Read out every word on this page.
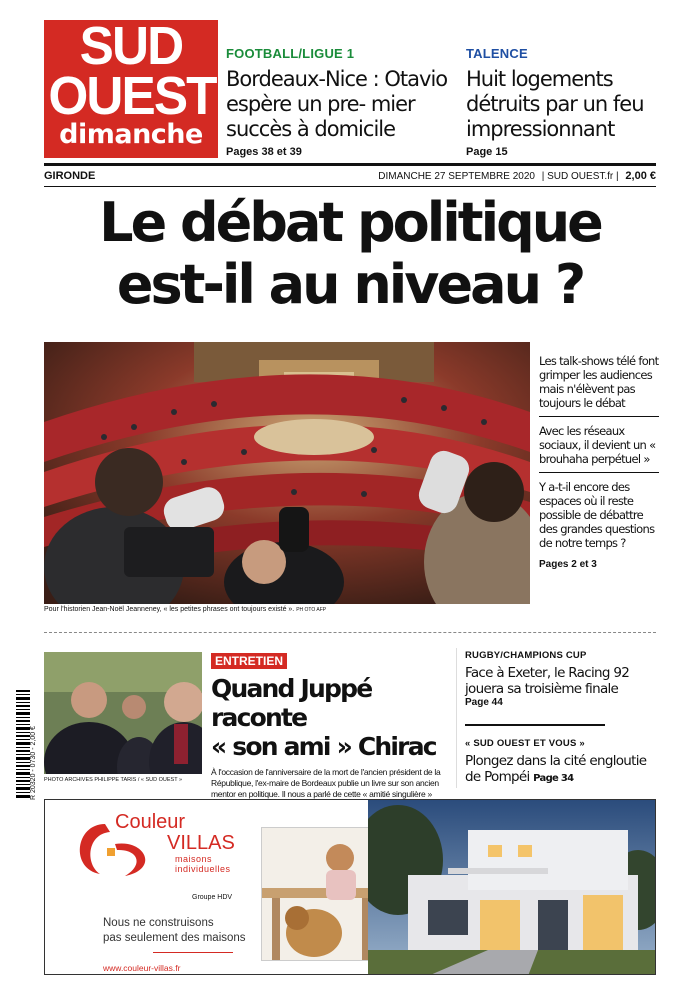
SUD
OUEST
dimanche
FOOTBALL/LIGUE 1
Bordeaux-Nice : Otavio espère un pre- mier succès à domicile
Pages 38 et 39
TALENCE
Huit logements détruits par un feu impressionnant
Page 15
GIRONDE	DIMANCHE 27 SEPTEMBRE 2020 | SUD OUEST.fr | 2,00 €
Le débat politique
est-il au niveau ?
Pour l'historien Jean-Noël Jeanneney, « les petites phrases ont toujours existé ». PH OTO AFP
Les talk-shows télé font grimper les audiences mais n'élèvent pas toujours le débat
Avec les réseaux sociaux, il devient un « brouhaha perpétuel »
Y a-t-il encore des espaces où il reste possible de débattre des grandes questions de notre temps ?
Pages 2 et 3
R 20320 - 0730 - 2,00 € PHOTO ARCHIVES PHILIPPE TARIS / « SUD OUEST »
ENTRETIEN
Quand Juppé raconte
« son ami » Chirac
À l'occasion de l'anniversaire de la mort de l'ancien président de la République, l'ex-maire de Bordeaux publie un livre sur son ancien mentor en politique. Il nous a parlé de cette « amitié singulière »
RUGBY/CHAMPIONS CUP
Face à Exeter, le Racing 92 jouera sa troisième finale
Page 44
« SUD OUEST ET VOUS »
Plongez dans la cité engloutie de Pompéi Page 34
Couleur
VILLAS
maisons
individuelles
Groupe HDV
Nous ne construisons
pas seulement des maisons
www.couleur-villas.fr
